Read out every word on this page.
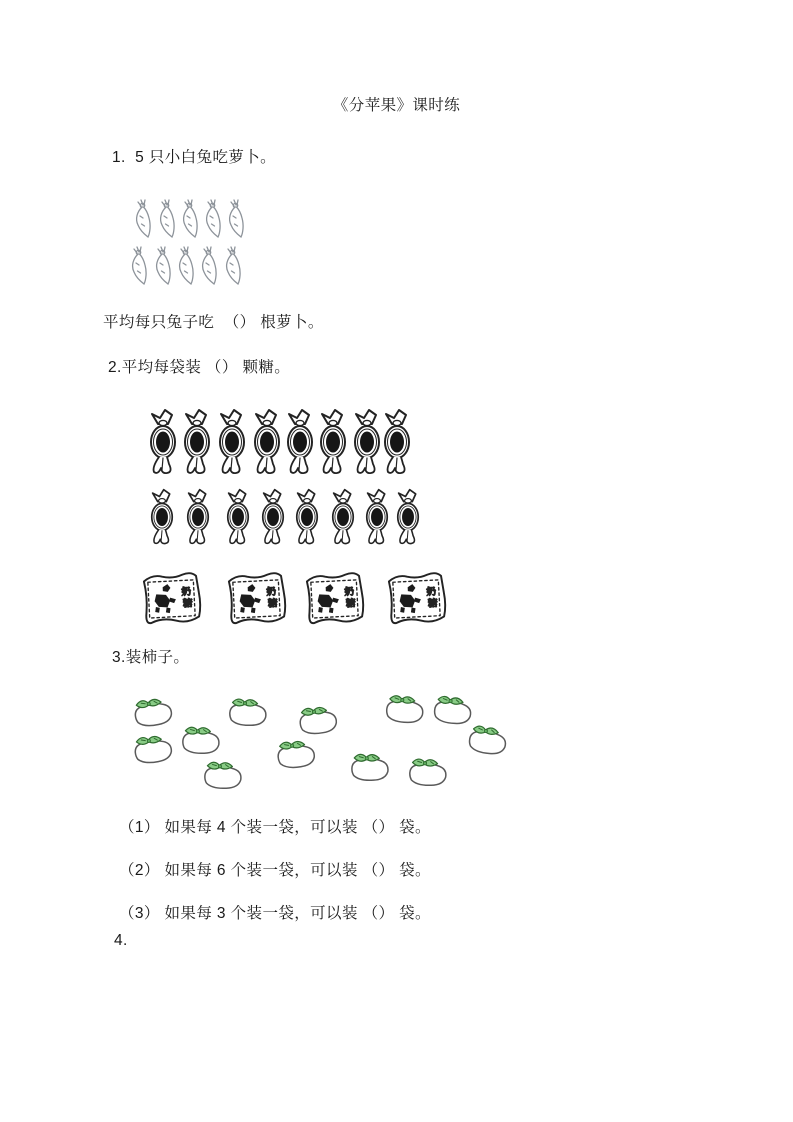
《分苹果》课时练
1.  5 只小白兔吃萝卜。
平均每只兔子吃  （） 根萝卜。
2.平均每袋装 （） 颗糖。
3.装柿子。
（1） 如果每 4 个装一袋，可以装 （） 袋。
（2） 如果每 6 个装一袋，可以装 （） 袋。
（3） 如果每 3 个装一袋，可以装 （） 袋。
4.
